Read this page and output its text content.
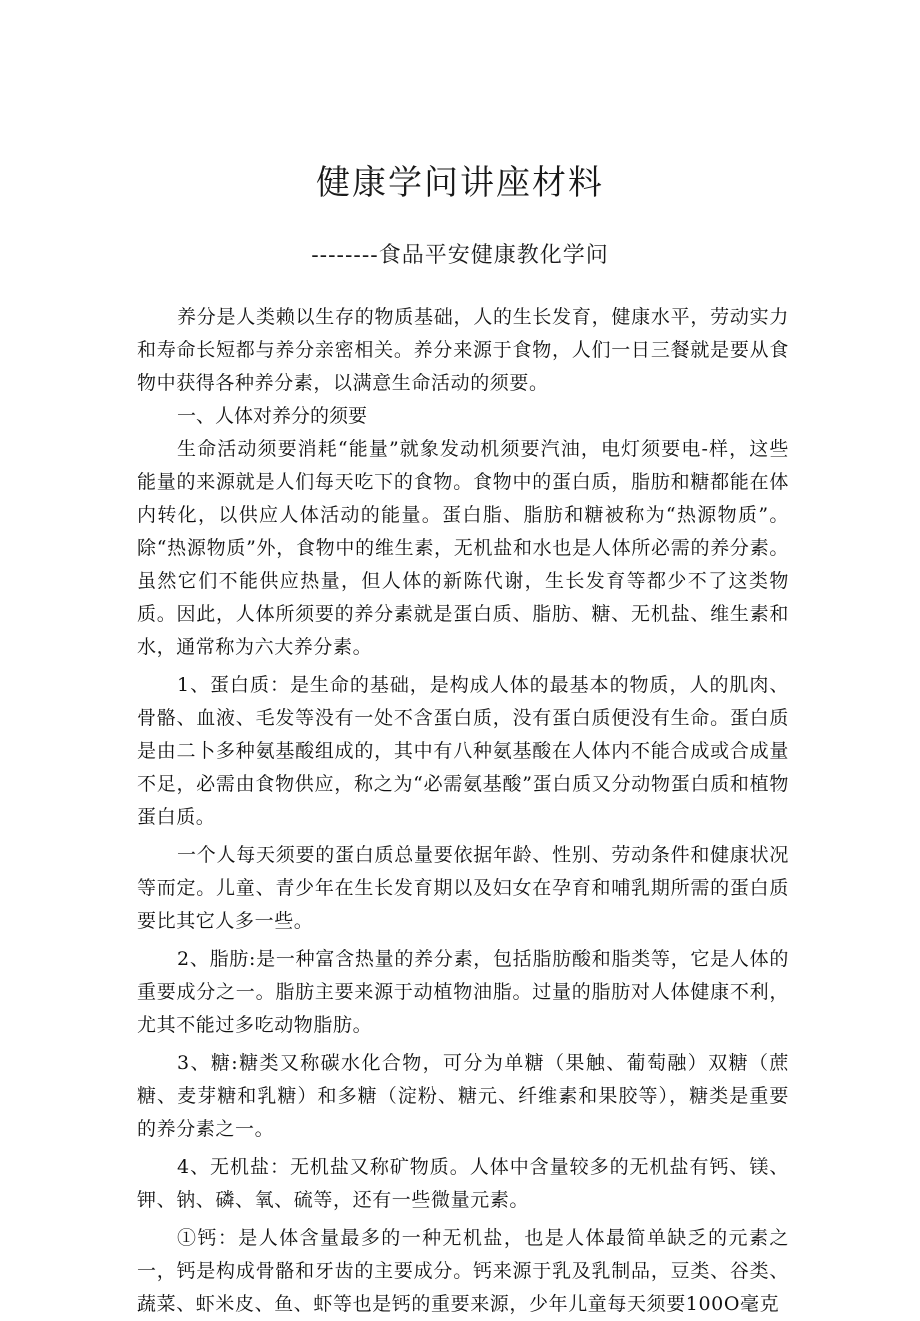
健康学问讲座材料
--------食品平安健康教化学问

养分是人类赖以生存的物质基础，人的生长发育，健康水平，劳动实力和寿命长短都与养分亲密相关。养分来源于食物，人们一日三餐就是要从食物中获得各种养分素，以满意生命活动的须要。

一、人体对养分的须要

生命活动须要消耗“能量”就象发动机须要汽油，电灯须要电-样，这些能量的来源就是人们每天吃下的食物。食物中的蛋白质，脂肪和糖都能在体内转化，以供应人体活动的能量。蛋白脂、脂肪和糖被称为“热源物质”。除“热源物质”外，食物中的维生素，无机盐和水也是人体所必需的养分素。虽然它们不能供应热量，但人体的新陈代谢，生长发育等都少不了这类物质。因此，人体所须要的养分素就是蛋白质、脂肪、糖、无机盐、维生素和水，通常称为六大养分素。

1、蛋白质：是生命的基础，是构成人体的最基本的物质，人的肌肉、骨骼、血液、毛发等没有一处不含蛋白质，没有蛋白质便没有生命。蛋白质是由二卜多种氨基酸组成的，其中有八种氨基酸在人体内不能合成或合成量不足，必需由食物供应，称之为“必需氨基酸”蛋白质又分动物蛋白质和植物蛋白质。

一个人每天须要的蛋白质总量要依据年龄、性别、劳动条件和健康状况等而定。儿童、青少年在生长发育期以及妇女在孕育和哺乳期所需的蛋白质要比其它人多一些。

2、脂肪:是一种富含热量的养分素，包括脂肪酸和脂类等，它是人体的重要成分之一。脂肪主要来源于动植物油脂。过量的脂肪对人体健康不利，尤其不能过多吃动物脂肪。

3、糖:糖类又称碳水化合物，可分为单糖（果触、葡萄融）双糖（蔗糖、麦芽糖和乳糖）和多糖（淀粉、糖元、纤维素和果胶等），糖类是重要的养分素之一。

4、无机盐：无机盐又称矿物质。人体中含量较多的无机盐有钙、镁、钾、钠、磷、氧、硫等，还有一些微量元素。

①钙：是人体含量最多的一种无机盐，也是人体最简单缺乏的元素之一，钙是构成骨骼和牙齿的主要成分。钙来源于乳及乳制品，豆类、谷类、蔬菜、虾米皮、鱼、虾等也是钙的重要来源，少年儿童每天须要100O毫克
